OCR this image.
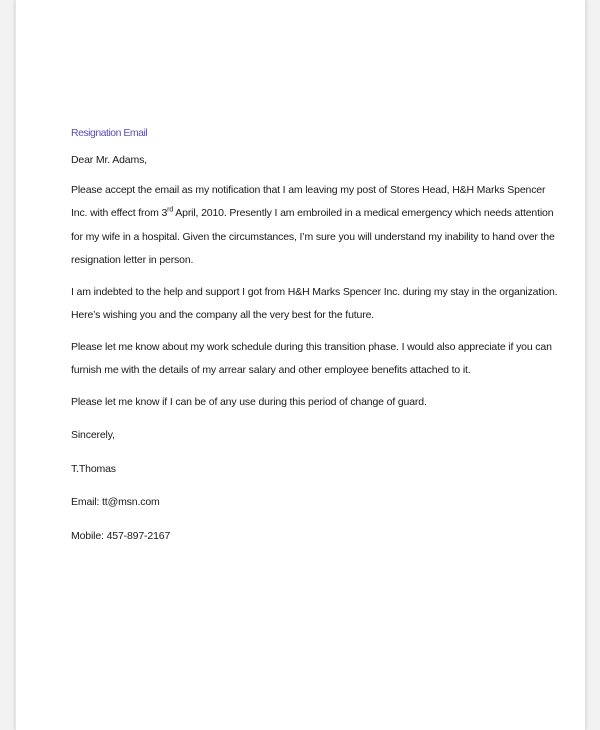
Resignation Email
Dear Mr. Adams,
Please accept the email as my notification that I am leaving my post of Stores Head, H&H Marks Spencer
Inc. with effect from 3rd April, 2010. Presently I am embroiled in a medical emergency which needs attention
for my wife in a hospital. Given the circumstances, I’m sure you will understand my inability to hand over the
resignation letter in person.
I am indebted to the help and support I got from H&H Marks Spencer Inc. during my stay in the organization.
Here’s wishing you and the company all the very best for the future.
Please let me know about my work schedule during this transition phase. I would also appreciate if you can
furnish me with the details of my arrear salary and other employee benefits attached to it.
Please let me know if I can be of any use during this period of change of guard.
Sincerely,
T.Thomas
Email: tt@msn.com
Mobile: 457-897-2167
